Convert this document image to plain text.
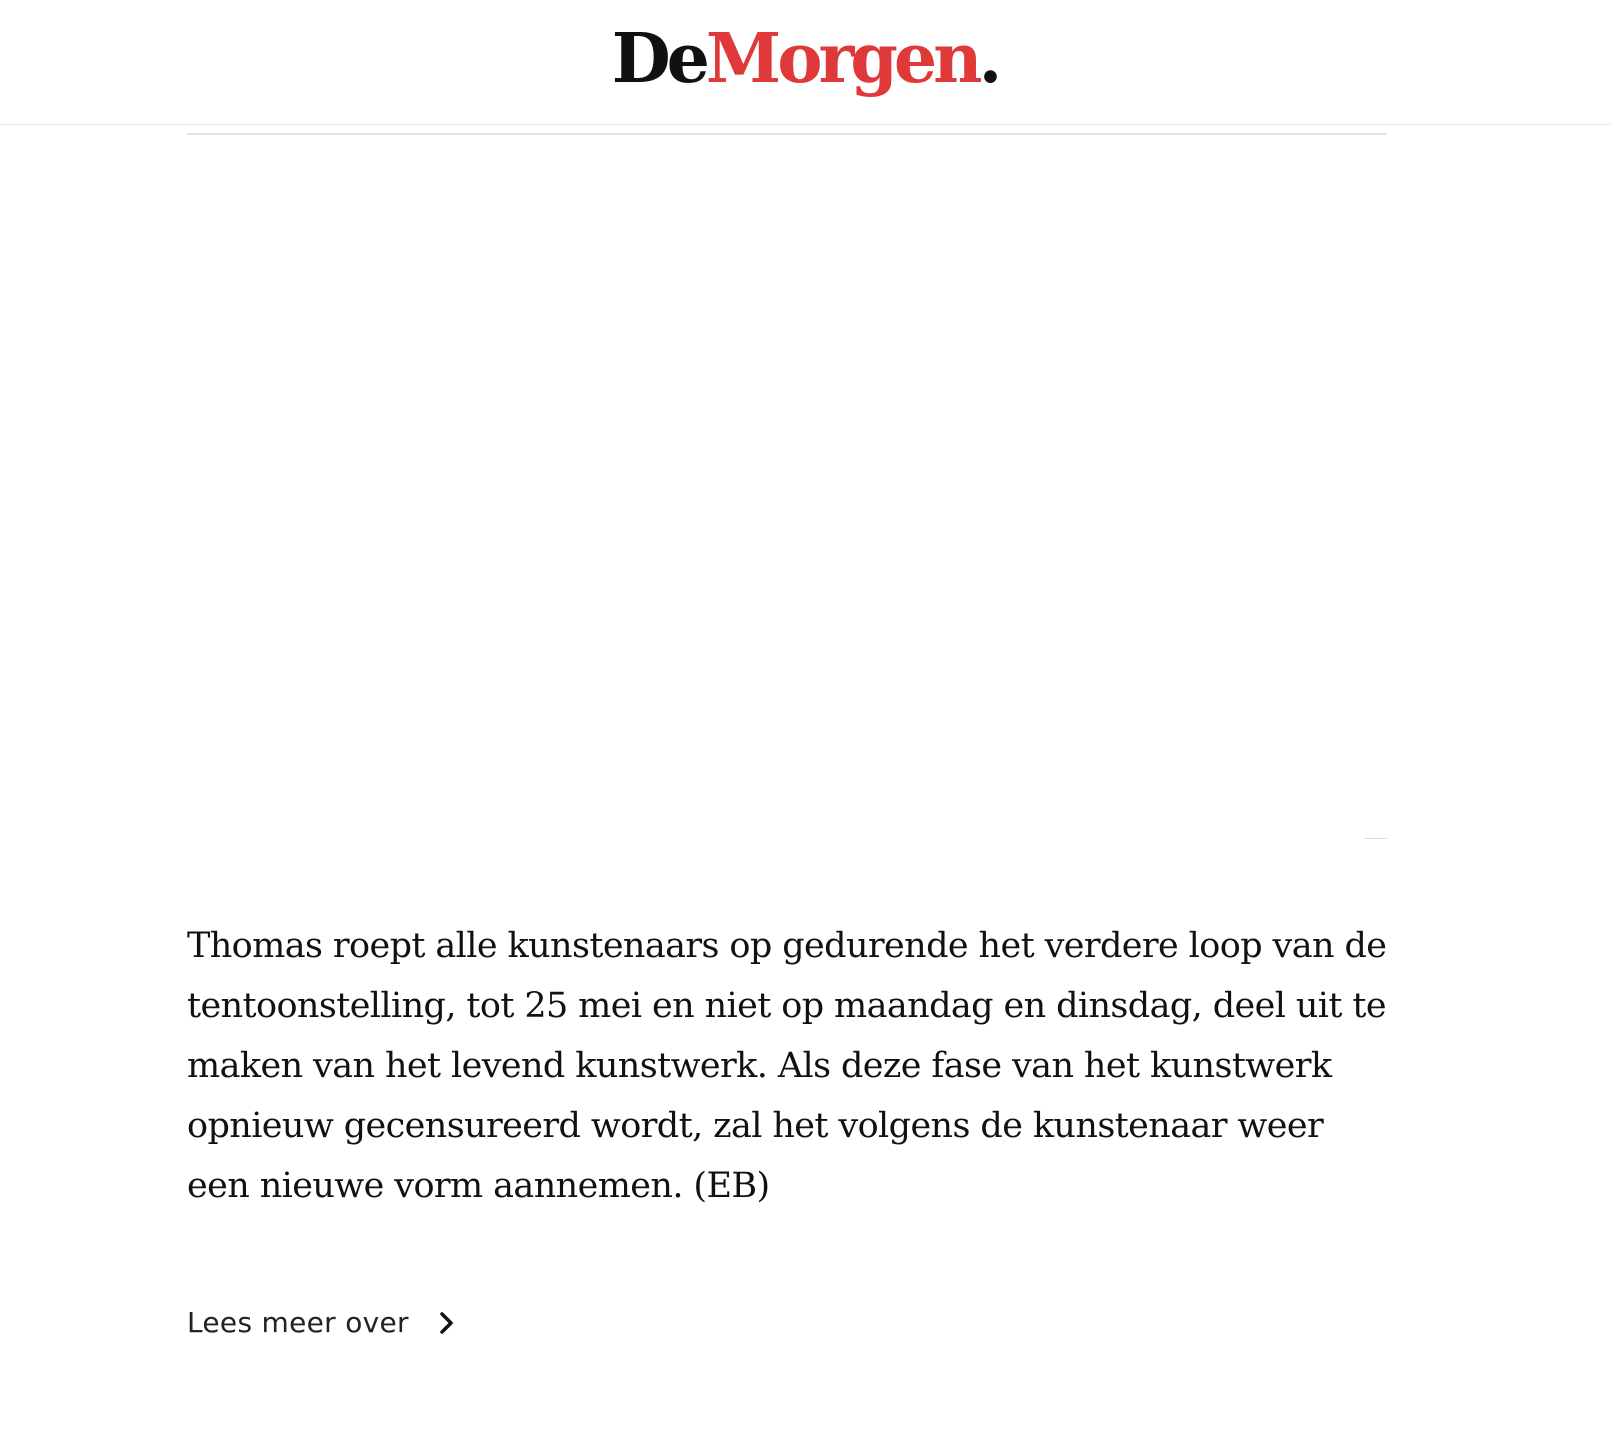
DeMorgen.

Thomas roept alle kunstenaars op gedurende het verdere loop van de tentoonstelling, tot 25 mei en niet op maandag en dinsdag, deel uit te maken van het levend kunstwerk. Als deze fase van het kunstwerk opnieuw gecensureerd wordt, zal het volgens de kunstenaar weer een nieuwe vorm aannemen. (EB)

Lees meer over
